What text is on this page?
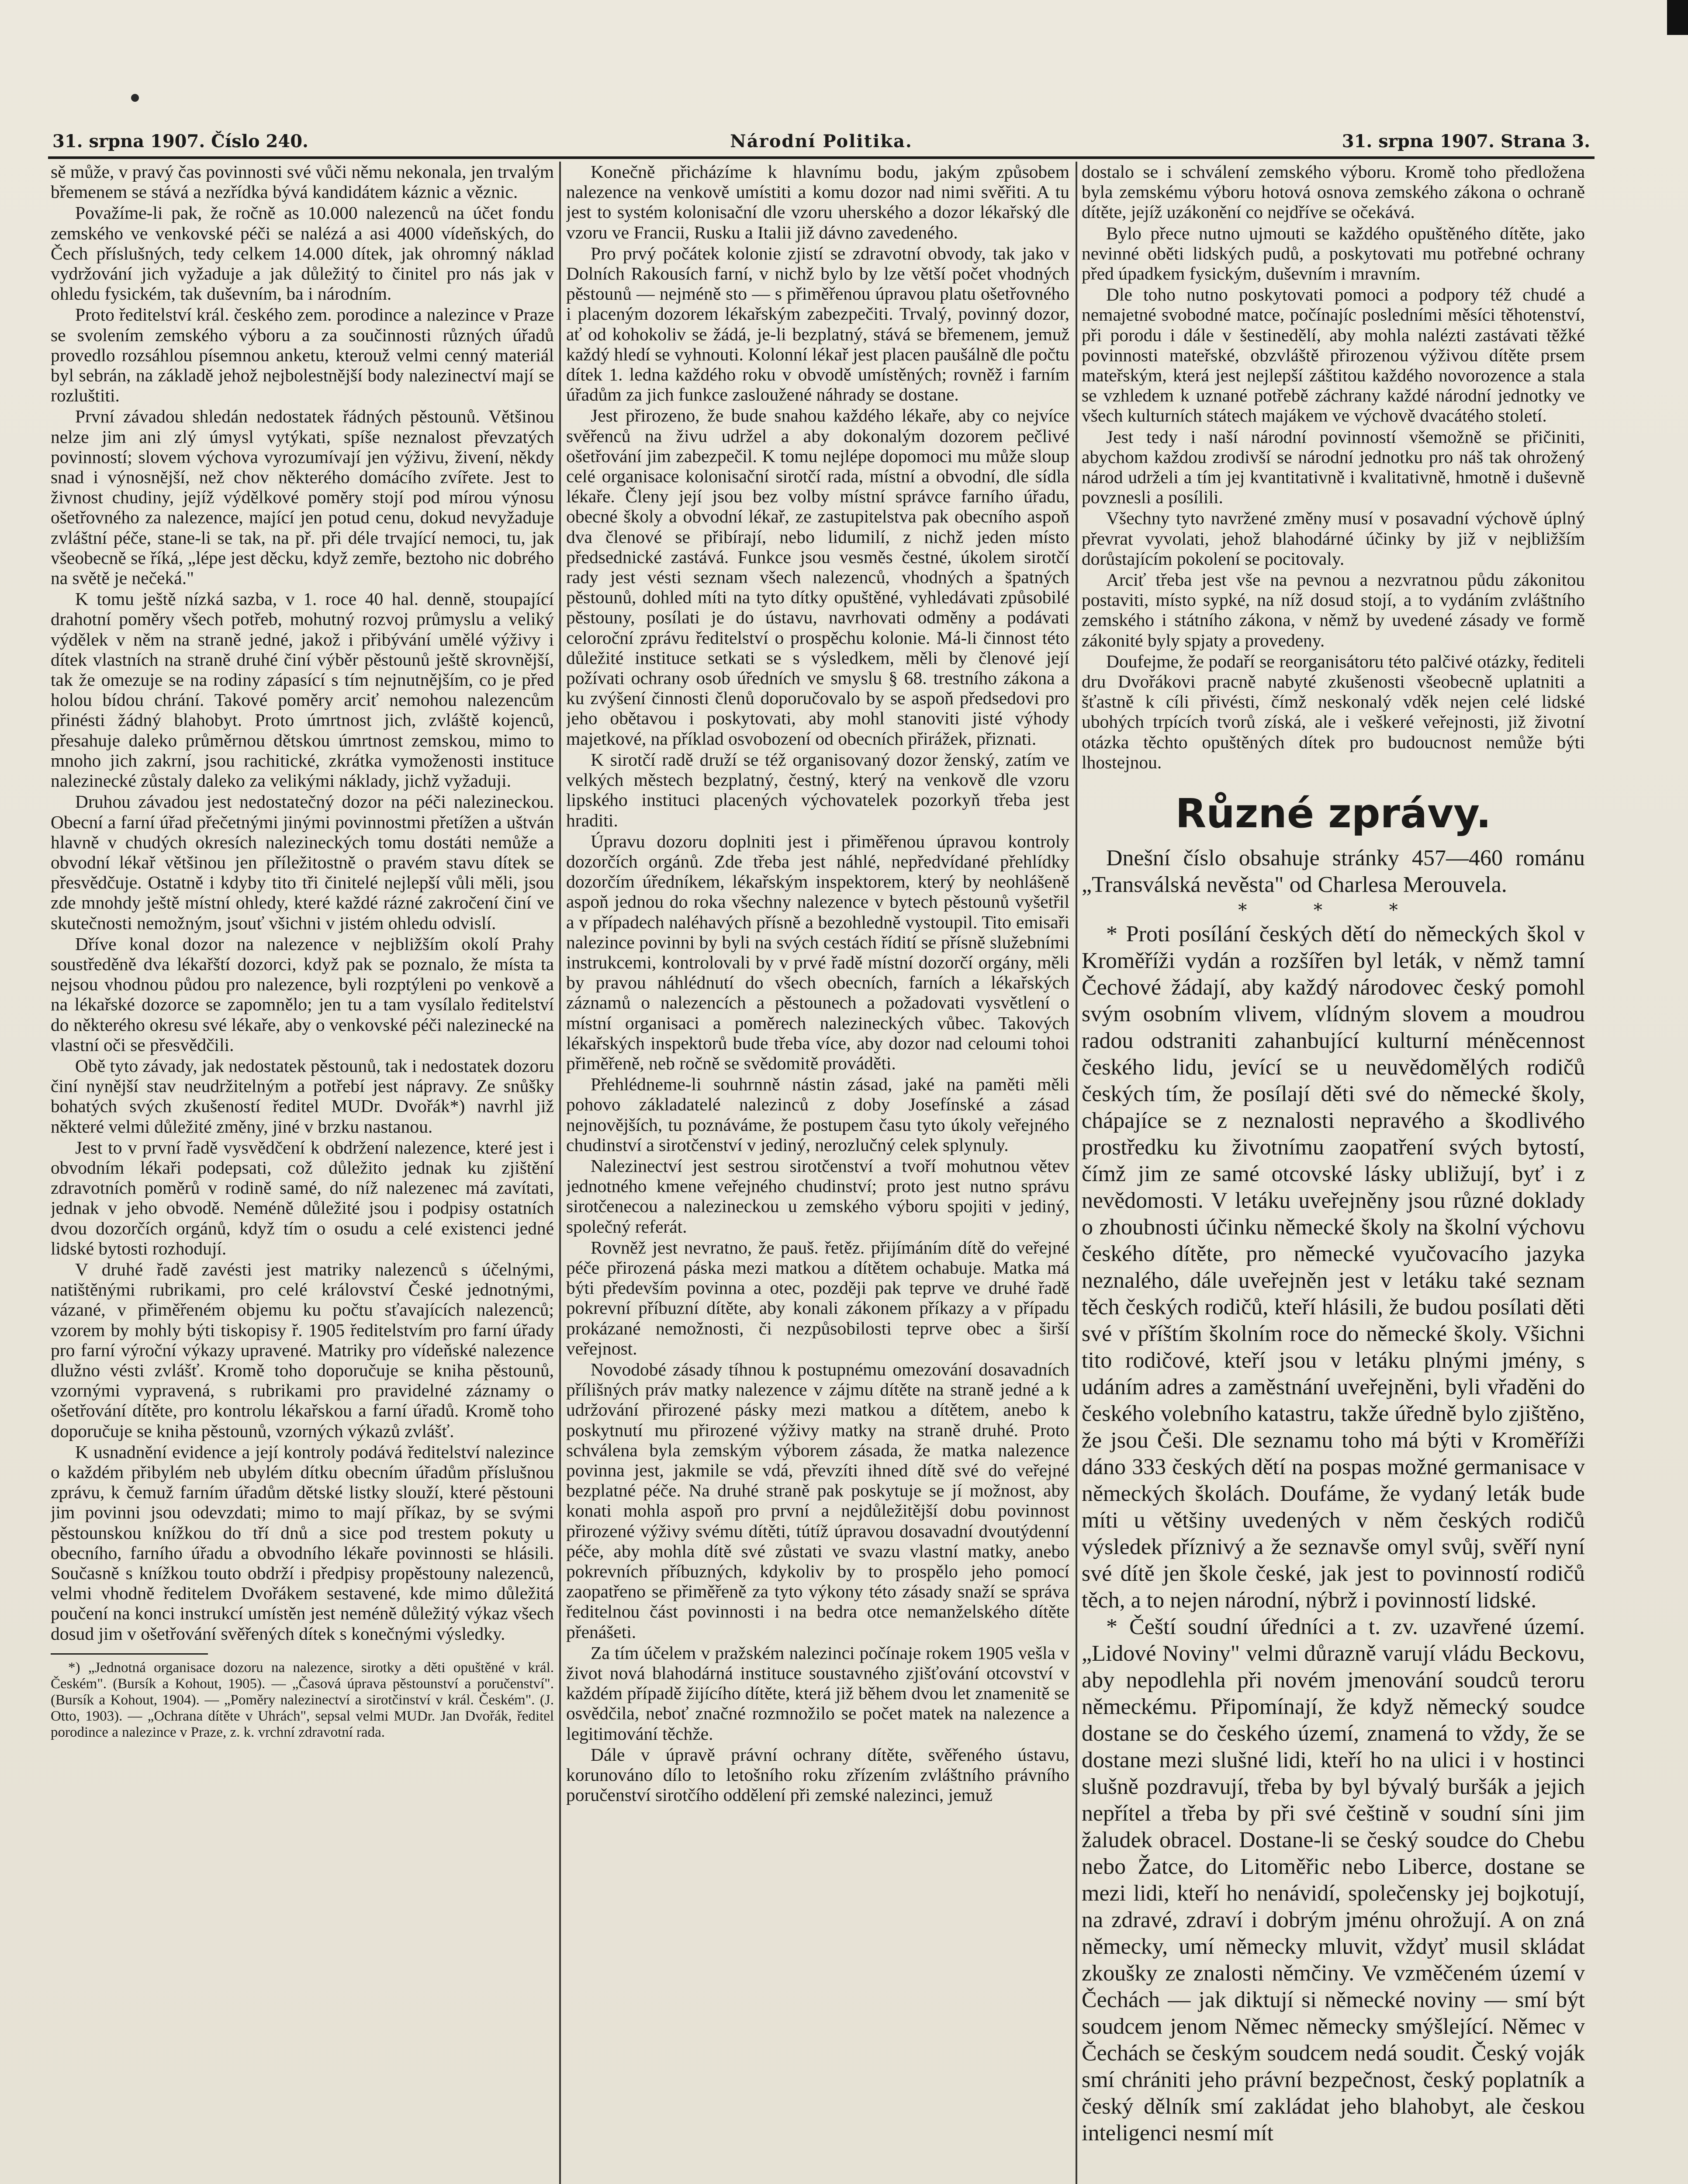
31. srpna 1907. Číslo 240.	Národní Politika.	31. srpna 1907. Strana 3.

sě může, v pravý čas povinnosti své vůči němu nekonala, jen trvalým břemenem se stává a nezřídka bývá kandidátem káznic a věznic.

Považíme-li pak, že ročně as 10.000 nalezenců na účet fondu zemského ve venkovské péči se nalézá a asi 4000 vídeňských, do Čech příslušných, tedy celkem 14.000 dítek, jak ohromný náklad vydržování jich vyžaduje a jak důležitý to činitel pro nás jak v ohledu fysickém, tak duševním, ba i národním.

Proto ředitelství král. českého zem. porodince a nalezince v Praze se svolením zemského výboru a za součinnosti různých úřadů provedlo rozsáhlou písemnou anketu, kterouž velmi cenný materiál byl sebrán, na základě jehož nejbolestnější body nalezinectví mají se rozluštiti.

První závadou shledán nedostatek řádných pěstounů. Většinou nelze jim ani zlý úmysl vytýkati, spíše neznalost převzatých povinností; slovem výchova vyrozumívají jen výživu, živení, někdy snad i výnosnější, než chov některého domácího zvířete. Jest to živnost chudiny, jejíž výdělkové poměry stojí pod mírou výnosu ošetřovného za nalezence, mající jen potud cenu, dokud nevyžaduje zvláštní péče, stane-li se tak, na př. při déle trvající nemoci, tu, jak všeobecně se říká, „lépe jest děcku, když zemře, beztoho nic dobrého na světě je nečeká."

K tomu ještě nízká sazba, v 1. roce 40 hal. denně, stoupající drahotní poměry všech potřeb, mohutný rozvoj průmyslu a veliký výdělek v něm na straně jedné, jakož i přibývání umělé výživy i dítek vlastních na straně druhé činí výběr pěstounů ještě skrovnější, tak že omezuje se na rodiny zápasící s tím nejnutnějším, co je před holou bídou chrání. Takové poměry arciť nemohou nalezencům přinésti žádný blahobyt. Proto úmrtnost jich, zvláště kojenců, přesahuje daleko průměrnou dětskou úmrtnost zemskou, mimo to mnoho jich zakrní, jsou rachitické, zkrátka vymoženosti instituce nalezinecké zůstaly daleko za velikými náklady, jichž vyžaduji.

Druhou závadou jest nedostatečný dozor na péči nalezineckou. Obecní a farní úřad přečetnými jinými povinnostmi přetížen a uštván hlavně v chudých okresích nalezineckých tomu dostáti nemůže a obvodní lékař většinou jen příležitostně o pravém stavu dítek se přesvědčuje. Ostatně i kdyby tito tři činitelé nejlepší vůli měli, jsou zde mnohdy ještě místní ohledy, které každé rázné zakročení činí ve skutečnosti nemožným, jsouť všichni v jistém ohledu odvislí.

Dříve konal dozor na nalezence v nejbližším okolí Prahy soustředěně dva lékařští dozorci, když pak se poznalo, že místa ta nejsou vhodnou půdou pro nalezence, byli rozptýleni po venkově a na lékařské dozorce se zapomnělo; jen tu a tam vysílalo ředitelství do některého okresu své lékaře, aby o venkovské péči nalezinecké na vlastní oči se přesvědčili.

Obě tyto závady, jak nedostatek pěstounů, tak i nedostatek dozoru činí nynější stav neudržitelným a potřebí jest nápravy. Ze snůšky bohatých svých zkušeností ředitel MUDr. Dvořák*) navrhl již některé velmi důležité změny, jiné v brzku nastanou.

Jest to v první řadě vysvědčení k obdržení nalezence, které jest i obvodním lékaři podepsati, což důležito jednak ku zjištění zdravotních poměrů v rodině samé, do níž nalezenec má zavítati, jednak v jeho obvodě. Neméně důležité jsou i podpisy ostatních dvou dozorčích orgánů, když tím o osudu a celé existenci jedné lidské bytosti rozhodují.

V druhé řadě zavésti jest matriky nalezenců s účelnými, natištěnými rubrikami, pro celé království České jednotnými, vázané, v přiměřeném objemu ku počtu sťavajících nalezenců; vzorem by mohly býti tiskopisy ř. 1905 ředitelstvím pro farní úřady pro farní výroční výkazy upravené. Matriky pro vídeňské nalezence dlužno vésti zvlášť. Kromě toho doporučuje se kniha pěstounů, vzornými vypravená, s rubrikami pro pravidelné záznamy o ošetřování dítěte, pro kontrolu lékařskou a farní úřadů. Kromě toho doporučuje se kniha pěstounů, vzorných výkazů zvlášť.

K usnadnění evidence a její kontroly podává ředitelství nalezince o každém přibylém neb ubylém dítku obecním úřadům příslušnou zprávu, k čemuž farním úřadům dětské listky slouží, které pěstouni jim povinni jsou odevzdati; mimo to mají příkaz, by se svými pěstounskou knížkou do tří dnů a sice pod trestem pokuty u obecního, farního úřadu a obvodního lékaře povinnosti se hlásili. Současně s knížkou touto obdrží i předpisy propěstouny nalezenců, velmi vhodně ředitelem Dvořákem sestavené, kde mimo důležitá poučení na konci instrukcí umístěn jest neméně důležitý výkaz všech dosud jim v ošetřování svěřených dítek s konečnými výsledky.

*) „Jednotná organisace dozoru na nalezence, sirotky a děti opuštěné v král. Českém". (Bursík a Kohout, 1905). — „Časová úprava pěstounství a poručenství". (Bursík a Kohout, 1904). — „Poměry nalezinectví a sirotčinství v král. Českém". (J. Otto, 1903). — „Ochrana dítěte v Uhrách", sepsal velmi MUDr. Jan Dvořák, ředitel porodince a nalezince v Praze, z. k. vrchní zdravotní rada.

Konečně přicházíme k hlavnímu bodu, jakým způsobem nalezence na venkově umístiti a komu dozor nad nimi svěřiti. A tu jest to systém kolonisační dle vzoru uherského a dozor lékařský dle vzoru ve Francii, Rusku a Italii již dávno zavedeného.

Pro prvý počátek kolonie zjistí se zdravotní obvody, tak jako v Dolních Rakousích farní, v nichž bylo by lze větší počet vhodných pěstounů — nejméně sto — s přiměřenou úpravou platu ošetřovného i placeným dozorem lékařským zabezpečiti. Trvalý, povinný dozor, ať od kohokoliv se žádá, je-li bezplatný, stává se břemenem, jemuž každý hledí se vyhnouti. Kolonní lékař jest placen paušálně dle počtu dítek 1. ledna každého roku v obvodě umístěných; rovněž i farním úřadům za jich funkce zasloužené náhrady se dostane.

Jest přirozeno, že bude snahou každého lékaře, aby co nejvíce svěřenců na živu udržel a aby dokonalým dozorem pečlivé ošetřování jim zabezpečil. K tomu nejlépe dopomoci mu může sloup celé organisace kolonisační sirotčí rada, místní a obvodní, dle sídla lékaře. Členy její jsou bez volby místní správce farního úřadu, obecné školy a obvodní lékař, ze zastupitelstva pak obecního aspoň dva členové se přibírají, nebo lidumilí, z nichž jeden místo předsednické zastává. Funkce jsou vesměs čestné, úkolem sirotčí rady jest vésti seznam všech nalezenců, vhodných a špatných pěstounů, dohled míti na tyto dítky opuštěné, vyhledávati způsobilé pěstouny, posílati je do ústavu, navrhovati odměny a podávati celoroční zprávu ředitelství o prospěchu kolonie. Má-li činnost této důležité instituce setkati se s výsledkem, měli by členové její požívati ochrany osob úředních ve smyslu § 68. trestního zákona a ku zvýšení činnosti členů doporučovalo by se aspoň předsedovi pro jeho obětavou i poskytovati, aby mohl stanoviti jisté výhody majetkové, na příklad osvobození od obecních přirážek, přiznati.

K sirotčí radě druží se též organisovaný dozor ženský, zatím ve velkých městech bezplatný, čestný, který na venkově dle vzoru lipského instituci placených výchovatelek pozorkyň třeba jest hraditi.

Úpravu dozoru doplniti jest i přiměřenou úpravou kontroly dozorčích orgánů. Zde třeba jest náhlé, nepředvídané přehlídky dozorčím úředníkem, lékařským inspektorem, který by neohlášeně aspoň jednou do roka všechny nalezence v bytech pěstounů vyšetřil a v případech naléhavých přísně a bezohledně vystoupil. Tito emisaři nalezince povinni by byli na svých cestách řídití se přísně služebními instrukcemi, kontrolovali by v prvé řadě místní dozorčí orgány, měli by pravou náhlédnutí do všech obecních, farních a lékařských záznamů o nalezencích a pěstounech a požadovati vysvětlení o místní organisaci a poměrech nalezineckých vůbec. Takových lékařských inspektorů bude třeba více, aby dozor nad celoumi tohoi přiměřeně, neb ročně se svědomitě prováděti.

Přehlédneme-li souhrnně nástin zásad, jaké na paměti měli pohovo základatelé nalezinců z doby Josefínské a zásad nejnovějších, tu poznáváme, že postupem času tyto úkoly veřejného chudinství a sirotčenství v jediný, nerozlučný celek splynuly.

Nalezinectví jest sestrou sirotčenství a tvoří mohutnou větev jednotného kmene veřejného chudinství; proto jest nutno správu sirotčenecou a nalezineckou u zemského výboru spojiti v jediný, společný referát.

Rovněž jest nevratno, že pauš. řetěz. přijímáním dítě do veřejné péče přirozená páska mezi matkou a dítětem ochabuje. Matka má býti především povinna a otec, později pak teprve ve druhé řadě pokrevní příbuzní dítěte, aby konali zákonem příkazy a v případu prokázané nemožnosti, či nezpůsobilosti teprve obec a širší veřejnost.

Novodobé zásady tíhnou k postupnému omezování dosavadních přílišných práv matky nalezence v zájmu dítěte na straně jedné a k udržování přirozené pásky mezi matkou a dítětem, anebo k poskytnutí mu přirozené výživy matky na straně druhé. Proto schválena byla zemským výborem zásada, že matka nalezence povinna jest, jakmile se vdá, převzíti ihned dítě své do veřejné bezplatné péče. Na druhé straně pak poskytuje se jí možnost, aby konati mohla aspoň pro první a nejdůležitější dobu povinnost přirozené výživy svému dítěti, tútíž úpravou dosavadní dvoutýdenní péče, aby mohla dítě své zůstati ve svazu vlastní matky, anebo pokrevních příbuzných, kdykoliv by to prospělo jeho pomocí zaopatřeno se přiměřeně za tyto výkony této zásady snaží se správa ředitelnou část povinnosti i na bedra otce nemanželského dítěte přenášeti.

Za tím účelem v pražském nalezinci počínaje rokem 1905 vešla v život nová blahodárná instituce soustavného zjišťování otcovství v každém případě žijícího dítěte, která již během dvou let znamenitě se osvědčila, neboť značné rozmnožilo se počet matek na nalezence a legitimování těchže.

Dále v úpravě právní ochrany dítěte, svěřeného ústavu, korunováno dílo to letošního roku zřízením zvláštního právního poručenství sirotčího oddělení při zemské nalezinci, jemuž

dostalo se i schválení zemského výboru. Kromě toho předložena byla zemskému výboru hotová osnova zemského zákona o ochraně dítěte, jejíž uzákonění co nejdříve se očekává.

Bylo přece nutno ujmouti se každého opuštěného dítěte, jako nevinné oběti lidských pudů, a poskytovati mu potřebné ochrany před úpadkem fysickým, duševním i mravním.

Dle toho nutno poskytovati pomoci a podpory též chudé a nemajetné svobodné matce, počínajíc posledními měsíci těhotenství, při porodu i dále v šestinedělí, aby mohla nalézti zastávati těžké povinnosti mateřské, obzvláště přirozenou výživou dítěte prsem mateřským, která jest nejlepší záštitou každého novorozence a stala se vzhledem k uznané potřebě záchrany každé národní jednotky ve všech kulturních státech majákem ve výchově dvacátého století.

Jest tedy i naší národní povinností všemožně se přičiniti, abychom každou zrodivší se národní jednotku pro náš tak ohrožený národ udrželi a tím jej kvantitativně i kvalitativně, hmotně i duševně povznesli a posílili.

Všechny tyto navržené změny musí v posavadní výchově úplný převrat vyvolati, jehož blahodárné účinky by již v nejbližším dorůstajícím pokolení se pocitovaly.

Arciť třeba jest vše na pevnou a nezvratnou půdu zákonitou postaviti, místo sypké, na níž dosud stojí, a to vydáním zvláštního zemského i státního zákona, v němž by uvedené zásady ve formě zákonité byly spjaty a provedeny.

Doufejme, že podaří se reorganisátoru této palčivé otázky, řediteli dru Dvořákovi pracně nabyté zkušenosti všeobecně uplatniti a šťastně k cíli přivésti, čímž neskonalý vděk nejen celé lidské ubohých trpících tvorů získá, ale i veškeré veřejnosti, již životní otázka těchto opuštěných dítek pro budoucnost nemůže býti lhostejnou.

Různé zprávy.

Dnešní číslo obsahuje stránky 457—460 románu „Transválská nevěsta" od Charlesa Merouvela.

* * *

* Proti posílání českých dětí do německých škol v Kroměříži vydán a rozšířen byl leták, v němž tamní Čechové žádají, aby každý národovec český pomohl svým osobním vlivem, vlídným slovem a moudrou radou odstraniti zahanbující kulturní méněcennost českého lidu, jevící se u neuvědomělých rodičů českých tím, že posílají děti své do německé školy, chápajíce se z neznalosti nepravého a škodlivého prostředku ku životnímu zaopatření svých bytostí, čímž jim ze samé otcovské lásky ubližují, byť i z nevědomosti. V letáku uveřejněny jsou různé doklady o zhoubnosti účinku německé školy na školní výchovu českého dítěte, pro německé vyučovacího jazyka neznalého, dále uveřejněn jest v letáku také seznam těch českých rodičů, kteří hlásili, že budou posílati děti své v příštím školním roce do německé školy. Všichni tito rodičové, kteří jsou v letáku plnými jmény, s udáním adres a zaměstnání uveřejněni, byli vřaděni do českého volebního katastru, takže úředně bylo zjištěno, že jsou Češi. Dle seznamu toho má býti v Kroměříži dáno 333 českých dětí na pospas možné germanisace v německých školách. Doufáme, že vydaný leták bude míti u většiny uvedených v něm českých rodičů výsledek příznivý a že seznavše omyl svůj, svěří nyní své dítě jen škole české, jak jest to povinností rodičů těch, a to nejen národní, nýbrž i povinností lidské.

* Čeští soudní úředníci a t. zv. uzavřené území. „Lidové Noviny" velmi důrazně varují vládu Beckovu, aby nepodlehla při novém jmenování soudců teroru německému. Připomínají, že když německý soudce dostane se do českého území, znamená to vždy, že se dostane mezi slušné lidi, kteří ho na ulici i v hostinci slušně pozdravují, třeba by byl bývalý buršák a jejich nepřítel a třeba by při své češtině v soudní síni jim žaludek obracel. Dostane-li se český soudce do Chebu nebo Žatce, do Litoměřic nebo Liberce, dostane se mezi lidi, kteří ho nenávidí, společensky jej bojkotují, na zdravé, zdraví i dobrým jménu ohrožují. A on zná německy, umí německy mluvit, vždyť musil skládat zkoušky ze znalosti němčiny. Ve vzměčeném území v Čechách — jak diktují si německé noviny — smí být soudcem jenom Němec německy smýšlející. Němec v Čechách se českým soudcem nedá soudit. Český voják smí chrániti jeho právní bezpečnost, český poplatník a český dělník smí zakládat jeho blahobyt, ale českou inteligenci nesmí mít
